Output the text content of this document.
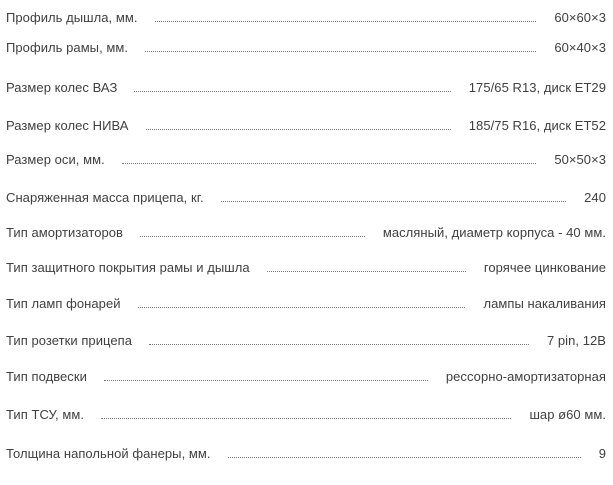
Профиль дышла, мм.	60×60×3
Профиль рамы, мм.	60×40×3
Размер колес ВАЗ	175/65 R13, диск ET29
Размер колес НИВА	185/75 R16, диск ET52
Размер оси, мм.	50×50×3
Снаряженная масса прицепа, кг.	240
Тип амортизаторов	масляный, диаметр корпуса - 40 мм.
Тип защитного покрытия рамы и дышла	горячее цинкование
Тип ламп фонарей	лампы накаливания
Тип розетки прицепа	7 pin, 12В
Тип подвески	рессорно-амортизаторная
Тип ТСУ, мм.	шар ø60 мм.
Толщина напольной фанеры, мм.	9
